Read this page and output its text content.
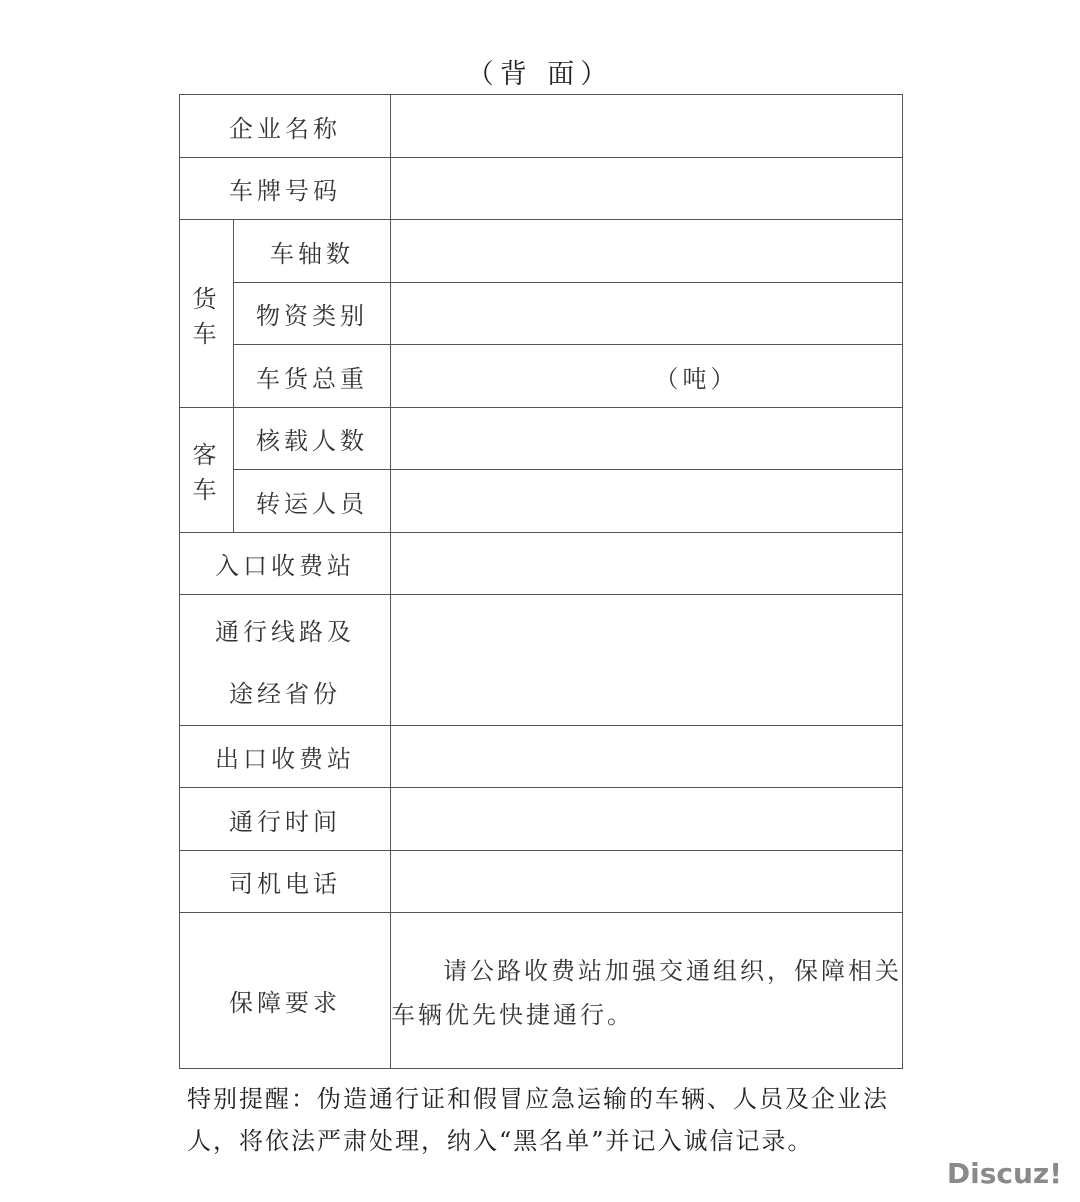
（背 面）
企业名称		
车牌号码		
货车	车轴数	
	物资类别	
	车货总重	（吨）
客车	核载人数	
	转运人员	
入口收费站		

通行线路及
途经省份		

出口收费站		
通行时间		
司机电话		
保障要求		请公路收费站加强交通组织，保障相关车辆优先快捷通行。
特别提醒：伪造通行证和假冒应急运输的车辆、人员及企业法人，将依法严肃处理，纳入“黑名单”并记入诚信记录。
Discuz!
